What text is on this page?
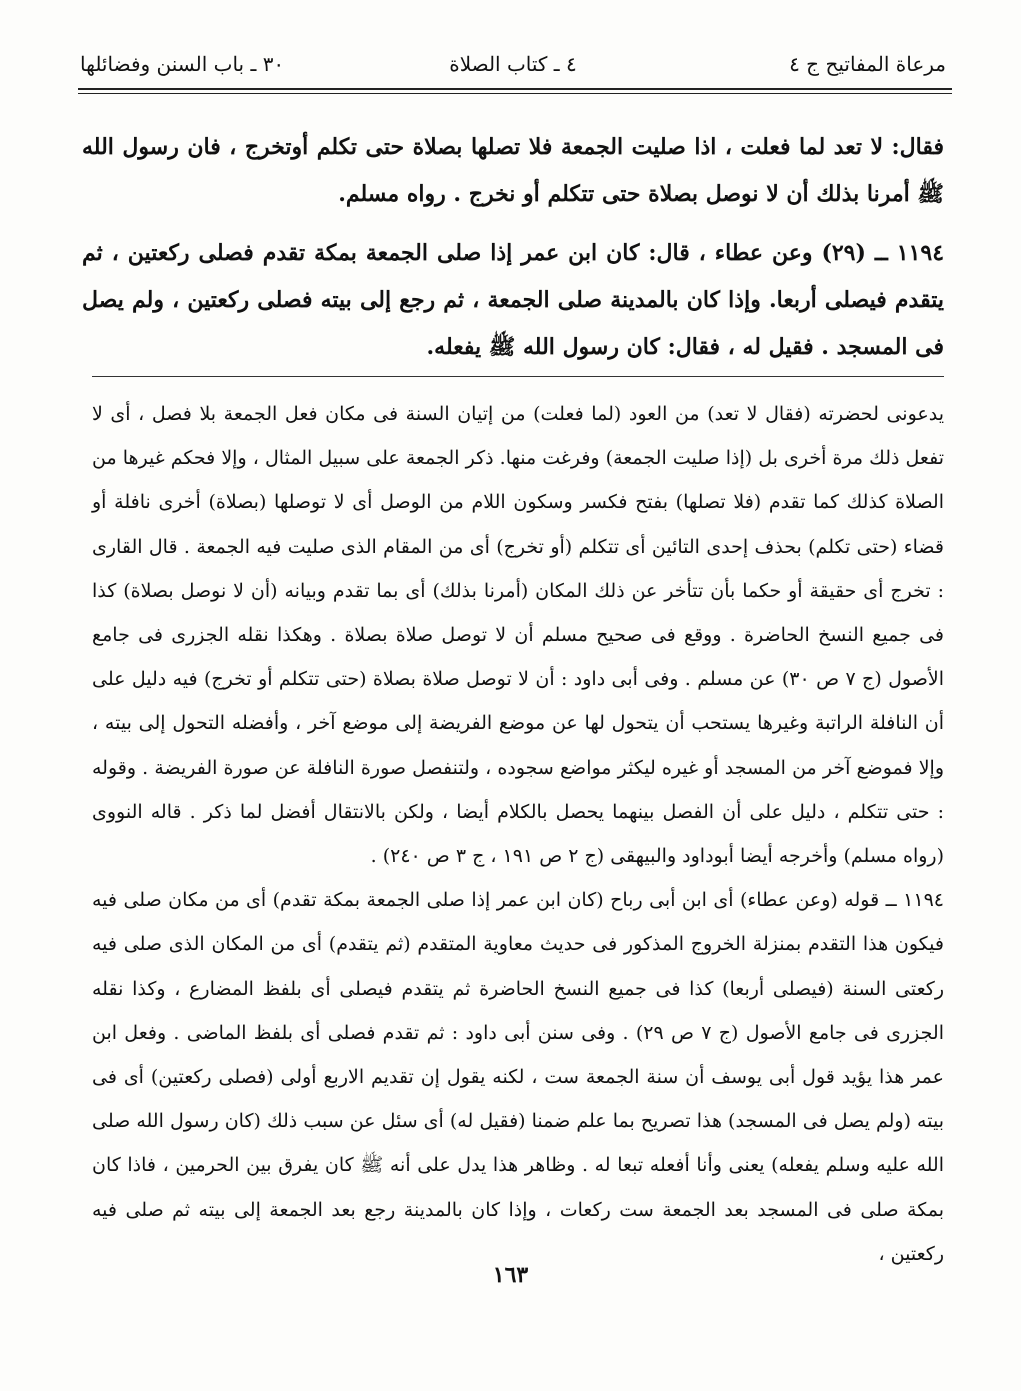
مرعاة المفاتيح ج ٤
٤ ـ كتاب الصلاة
٣٠ ـ باب السنن وفضائلها

فقال: لا تعد لما فعلت ، اذا صليت الجمعة فلا تصلها بصلاة حتى تكلم أوتخرج ، فان رسول الله ﷺ أمرنا بذلك أن لا نوصل بصلاة حتى تتكلم أو نخرج . رواه مسلم.

١١٩٤ ــ (٢٩) وعن عطاء ، قال: كان ابن عمر إذا صلى الجمعة بمكة تقدم فصلى ركعتين ، ثم يتقدم فيصلى أربعا. وإذا كان بالمدينة صلى الجمعة ، ثم رجع إلى بيته فصلى ركعتين ، ولم يصل فى المسجد . فقيل له ، فقال: كان رسول الله ﷺ يفعله.

يدعونى لحضرته (فقال لا تعد) من العود (لما فعلت) من إتيان السنة فى مكان فعل الجمعة بلا فصل ، أى لا تفعل ذلك مرة أخرى بل (إذا صليت الجمعة) وفرغت منها. ذكر الجمعة على سبيل المثال ، وإلا فحكم غيرها من الصلاة كذلك كما تقدم (فلا تصلها) بفتح فكسر وسكون اللام من الوصل أى لا توصلها (بصلاة) أخرى نافلة أو قضاء (حتى تكلم) بحذف إحدى التائين أى تتكلم (أو تخرج) أى من المقام الذى صليت فيه الجمعة . قال القارى : تخرج أى حقيقة أو حكما بأن تتأخر عن ذلك المكان (أمرنا بذلك) أى بما تقدم وبيانه (أن لا نوصل بصلاة) كذا فى جميع النسخ الحاضرة . ووقع فى صحيح مسلم أن لا توصل صلاة بصلاة . وهكذا نقله الجزرى فى جامع الأصول (ج ٧ ص ٣٠) عن مسلم . وفى أبى داود : أن لا توصل صلاة بصلاة (حتى تتكلم أو تخرج) فيه دليل على أن النافلة الراتبة وغيرها يستحب أن يتحول لها عن موضع الفريضة إلى موضع آخر ، وأفضله التحول إلى بيته ، وإلا فموضع آخر من المسجد أو غيره ليكثر مواضع سجوده ، ولتنفصل صورة النافلة عن صورة الفريضة . وقوله : حتى تتكلم ، دليل على أن الفصل بينهما يحصل بالكلام أيضا ، ولكن بالانتقال أفضل لما ذكر . قاله النووى (رواه مسلم) وأخرجه أيضا أبوداود والبيهقى (ج ٢ ص ١٩١ ، ج ٣ ص ٢٤٠) .

١١٩٤ ــ قوله (وعن عطاء) أى ابن أبى رباح (كان ابن عمر إذا صلى الجمعة بمكة تقدم) أى من مكان صلى فيه فيكون هذا التقدم بمنزلة الخروج المذكور فى حديث معاوية المتقدم (ثم يتقدم) أى من المكان الذى صلى فيه ركعتى السنة (فيصلى أربعا) كذا فى جميع النسخ الحاضرة ثم يتقدم فيصلى أى بلفظ المضارع ، وكذا نقله الجزرى فى جامع الأصول (ج ٧ ص ٢٩) . وفى سنن أبى داود : ثم تقدم فصلى أى بلفظ الماضى . وفعل ابن عمر هذا يؤيد قول أبى يوسف أن سنة الجمعة ست ، لكنه يقول إن تقديم الاربع أولى (فصلى ركعتين) أى فى بيته (ولم يصل فى المسجد) هذا تصريح بما علم ضمنا (فقيل له) أى سئل عن سبب ذلك (كان رسول الله صلى الله عليه وسلم يفعله) يعنى وأنا أفعله تبعا له . وظاهر هذا يدل على أنه ﷺ كان يفرق بين الحرمين ، فاذا كان بمكة صلى فى المسجد بعد الجمعة ست ركعات ، وإذا كان بالمدينة رجع بعد الجمعة إلى بيته ثم صلى فيه ركعتين ،

١٦٣
